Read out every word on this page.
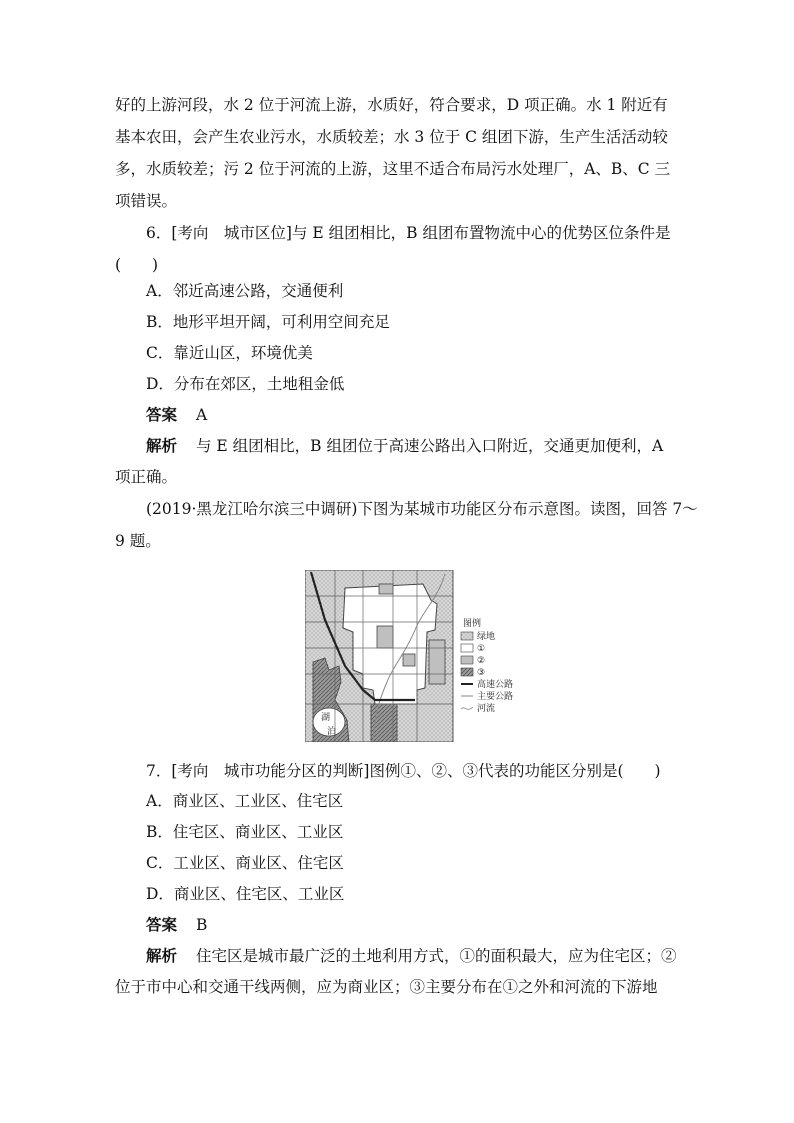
好的上游河段，水 2 位于河流上游，水质好，符合要求，D 项正确。水 1 附近有
基本农田，会产生农业污水，水质较差；水 3 位于 C 组团下游，生产生活活动较
多，水质较差；污 2 位于河流的上游，这里不适合布局污水处理厂，A、B、C 三
项错误。
6．[考向　城市区位]与 E 组团相比，B 组团布置物流中心的优势区位条件是
(　　)
A．邻近高速公路，交通便利
B．地形平坦开阔，可利用空间充足
C．靠近山区，环境优美
D．分布在郊区，土地租金低
答案 A
解析 与 E 组团相比，B 组团位于高速公路出入口附近，交通更加便利，A
项正确。
(2019·黑龙江哈尔滨三中调研)下图为某城市功能区分布示意图。读图，回答 7～
9 题。
湖
泊
图例
绿地
①
②
③
高速公路
主要公路
河流
7．[考向　城市功能分区的判断]图例①、②、③代表的功能区分别是(　　)
A．商业区、工业区、住宅区
B．住宅区、商业区、工业区
C．工业区、商业区、住宅区
D．商业区、住宅区、工业区
答案 B
解析 住宅区是城市最广泛的土地利用方式，①的面积最大，应为住宅区；②
位于市中心和交通干线两侧，应为商业区；③主要分布在①之外和河流的下游地
